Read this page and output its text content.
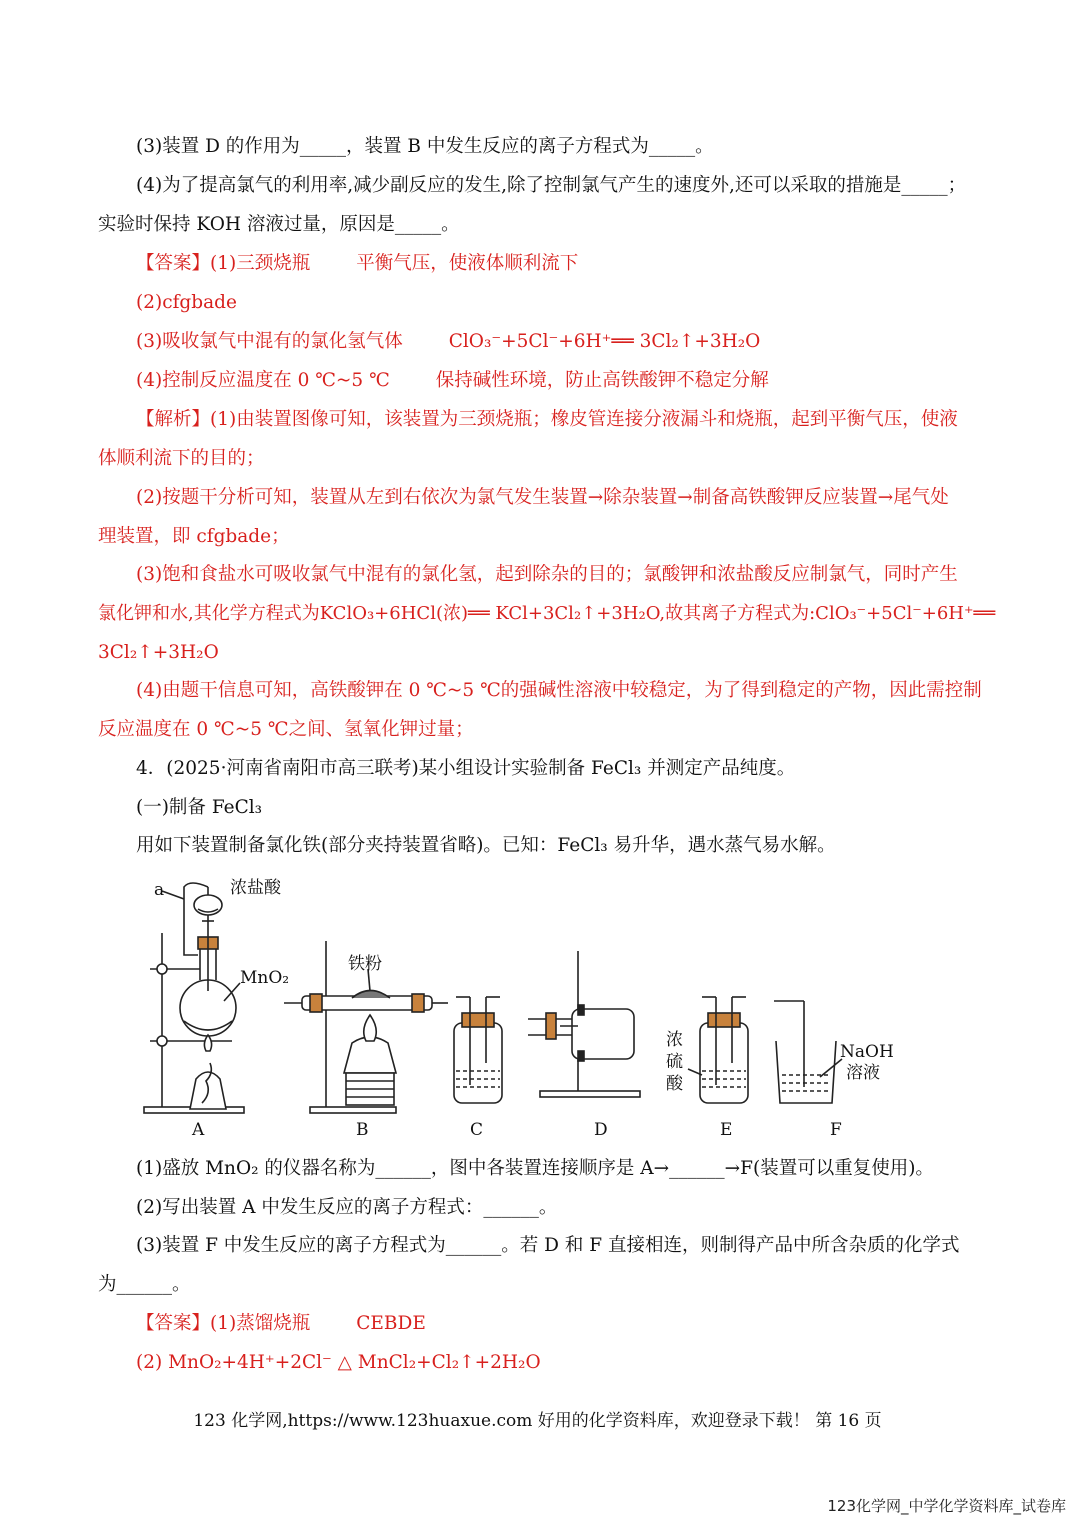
(3)装置 D 的作用为_____，装置 B 中发生反应的离子方程式为_____。
(4)为了提高氯气的利用率,减少副反应的发生,除了控制氯气产生的速度外,还可以采取的措施是_____；
实验时保持 KOH 溶液过量，原因是_____。
【答案】(1)三颈烧瓶 平衡气压，使液体顺利流下
(2)cfgbade
(3)吸收氯气中混有的氯化氢气体 ClO₃⁻+5Cl⁻+6H⁺══ 3Cl₂↑+3H₂O
(4)控制反应温度在 0 ℃~5 ℃ 保持碱性环境，防止高铁酸钾不稳定分解
【解析】(1)由装置图像可知，该装置为三颈烧瓶；橡皮管连接分液漏斗和烧瓶，起到平衡气压，使液
体顺利流下的目的；
(2)按题干分析可知，装置从左到右依次为氯气发生装置→除杂装置→制备高铁酸钾反应装置→尾气处
理装置，即 cfgbade；
(3)饱和食盐水可吸收氯气中混有的氯化氢，起到除杂的目的；氯酸钾和浓盐酸反应制氯气，同时产生
氯化钾和水,其化学方程式为KClO₃+6HCl(浓)══ KCl+3Cl₂↑+3H₂O,故其离子方程式为:ClO₃⁻+5Cl⁻+6H⁺══
3Cl₂↑+3H₂O
(4)由题干信息可知，高铁酸钾在 0 ℃~5 ℃的强碱性溶液中较稳定，为了得到稳定的产物，因此需控制
反应温度在 0 ℃~5 ℃之间、氢氧化钾过量；
4．(2025·河南省南阳市高三联考)某小组设计实验制备 FeCl₃ 并测定产品纯度。
(一)制备 FeCl₃
用如下装置制备氯化铁(部分夹持装置省略)。已知：FeCl₃ 易升华，遇水蒸气易水解。
a	浓盐酸
MnO₂
铁粉
浓
硫
酸
NaOH
溶液
A	B	C	D	E	F
(1)盛放 MnO₂ 的仪器名称为______，图中各装置连接顺序是 A→______→F(装置可以重复使用)。
(2)写出装置 A 中发生反应的离子方程式：______。
(3)装置 F 中发生反应的离子方程式为______。若 D 和 F 直接相连，则制得产品中所含杂质的化学式
为______。
【答案】(1)蒸馏烧瓶 CEBDE
(2) MnO₂+4H⁺+2Cl⁻ △ MnCl₂+Cl₂↑+2H₂O
123 化学网,https://www.123huaxue.com 好用的化学资料库，欢迎登录下载！ 第 16 页
123化学网_中学化学资料库_试卷库
